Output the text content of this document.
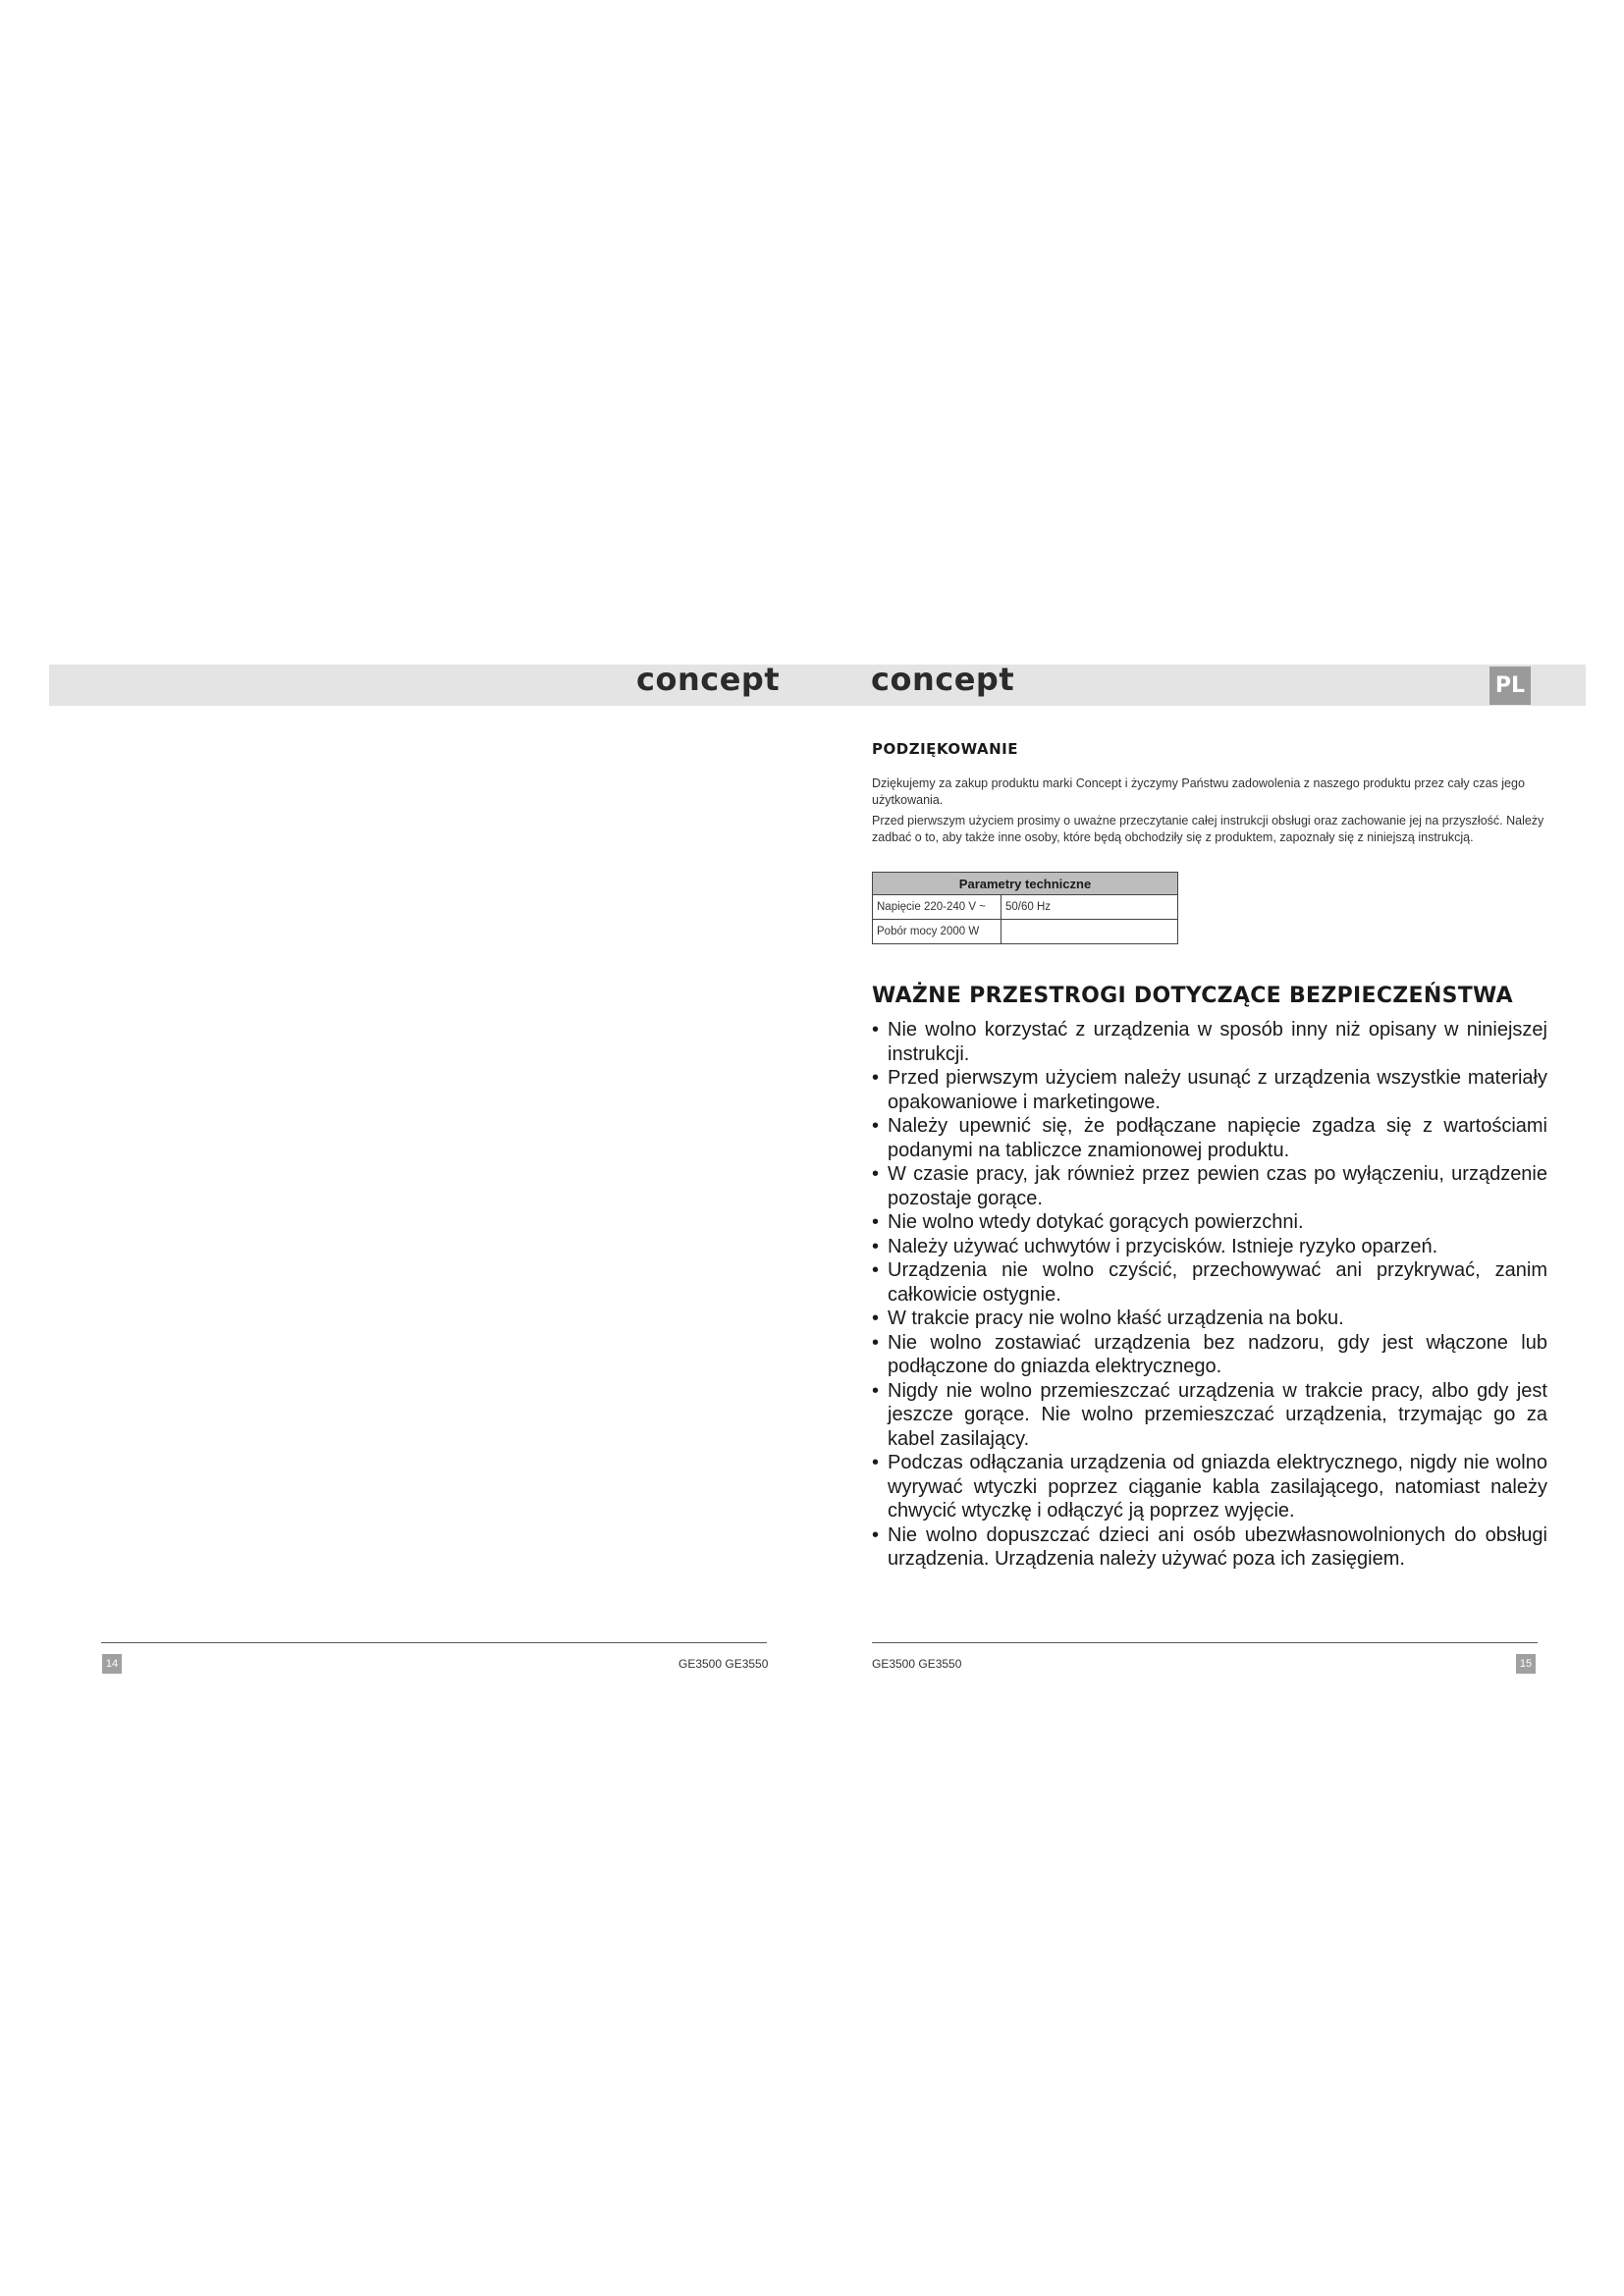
concept	concept	PL
PODZIĘKOWANIE

Dziękujemy za zakup produktu marki Concept i życzymy Państwu zadowolenia z naszego produktu przez cały czas jego użytkowania.

Przed pierwszym użyciem prosimy o uważne przeczytanie całej instrukcji obsługi oraz zachowanie jej na przyszłość. Należy zadbać o to, aby także inne osoby, które będą obchodziły się z produktem, zapoznały się z niniejszą instrukcją.

Parametry techniczne	
Napięcie 220-240 V ~	50/60 Hz
Pobór mocy 2000 W	
WAŻNE PRZESTROGI DOTYCZĄCE BEZPIECZEŃSTWA
• Nie wolno korzystać z urządzenia w sposób inny niż opisany w niniejszej instrukcji.
• Przed pierwszym użyciem należy usunąć z urządzenia wszystkie materiały opakowaniowe i marketingowe.
• Należy upewnić się, że podłączane napięcie zgadza się z wartościami podanymi na tabliczce znamionowej produktu.
• W czasie pracy, jak również przez pewien czas po wyłączeniu, urządzenie pozostaje gorące.
• Nie wolno wtedy dotykać gorących powierzchni.
• Należy używać uchwytów i przycisków. Istnieje ryzyko oparzeń.
• Urządzenia nie wolno czyścić, przechowywać ani przykrywać, zanim całkowicie ostygnie.
• W trakcie pracy nie wolno kłaść urządzenia na boku.
• Nie wolno zostawiać urządzenia bez nadzoru, gdy jest włączone lub podłączone do gniazda elektrycznego.
• Nigdy nie wolno przemieszczać urządzenia w trakcie pracy, albo gdy jest jeszcze gorące. Nie wolno przemieszczać urządzenia, trzymając go za kabel zasilający.
• Podczas odłączania urządzenia od gniazda elektrycznego, nigdy nie wolno wyrywać wtyczki poprzez ciąganie kabla zasilającego, natomiast należy chwycić wtyczkę i odłączyć ją poprzez wyjęcie.
• Nie wolno dopuszczać dzieci ani osób ubezwłasnowolnionych do obsługi urządzenia. Urządzenia należy używać poza ich zasięgiem.
14	GE3500 GE3550	GE3500 GE3550	15
